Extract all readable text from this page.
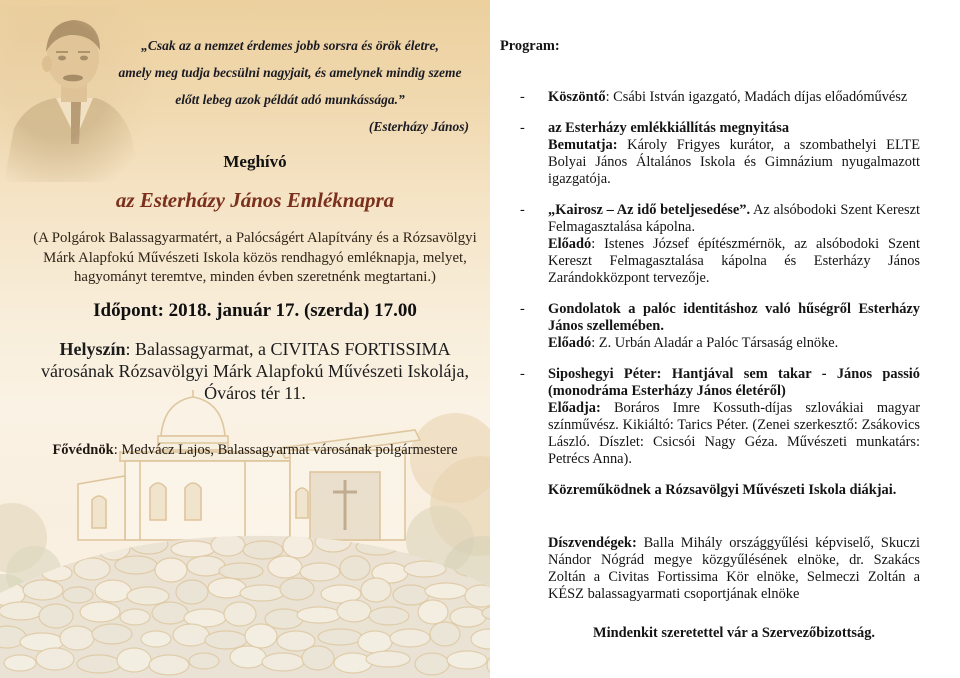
„Csak az a nemzet érdemes jobb sorsra és örök életre,
amely meg tudja becsülni nagyjait, és amelynek mindig szeme
előtt lebeg azok példát adó munkássága.”
(Esterházy János)
Meghívó
az Esterházy János Emléknapra
(A Polgárok Balassagyarmatért, a Palócságért Alapítvány és a Rózsavölgyi Márk Alapfokú Művészeti Iskola közös rendhagyó emléknapja, melyet, hagyományt teremtve, minden évben szeretnénk megtartani.)
Időpont: 2018. január 17. (szerda) 17.00
Helyszín: Balassagyarmat, a CIVITAS FORTISSIMA városának Rózsavölgyi Márk Alapfokú Művészeti Iskolája, Óváros tér 11.
Fővédnök: Medvácz Lajos, Balassagyarmat városának polgármestere
Program:
-	Köszöntő: Csábi István igazgató, Madách díjas előadóművész
-	az Esterházy emlékkiállítás megnyitása
Bemutatja: Károly Frigyes kurátor, a szombathelyi ELTE Bolyai János Általános Iskola és Gimnázium nyugalmazott igazgatója.
-	„Kairosz – Az idő beteljesedése”. Az alsóbodoki Szent Kereszt Felmagasztalása kápolna.
Előadó: Istenes József építészmérnök, az alsóbodoki Szent Kereszt Felmagasztalása kápolna és Esterházy János Zarándokközpont tervezője.
-	Gondolatok a palóc identitáshoz való hűségről Esterházy János szellemében.
Előadó: Z. Urbán Aladár a Palóc Társaság elnöke.
-	Siposhegyi Péter: Hantjával sem takar - János passió (monodráma Esterházy János életéről)
Előadja: Boráros Imre Kossuth-díjas szlovákiai magyar színművész. Kikiáltó: Tarics Péter. (Zenei szerkesztő: Zsákovics László. Díszlet: Csicsói Nagy Géza. Művészeti munkatárs: Petrécs Anna).
Közreműködnek a Rózsavölgyi Művészeti Iskola diákjai.
Díszvendégek: Balla Mihály országgyűlési képviselő, Skuczi Nándor Nógrád megye közgyűlésének elnöke, dr. Szakács Zoltán a Civitas Fortissima Kör elnöke, Selmeczi Zoltán a KÉSZ balassagyarmati csoportjának elnöke
Mindenkit szeretettel vár a Szervezőbizottság.
